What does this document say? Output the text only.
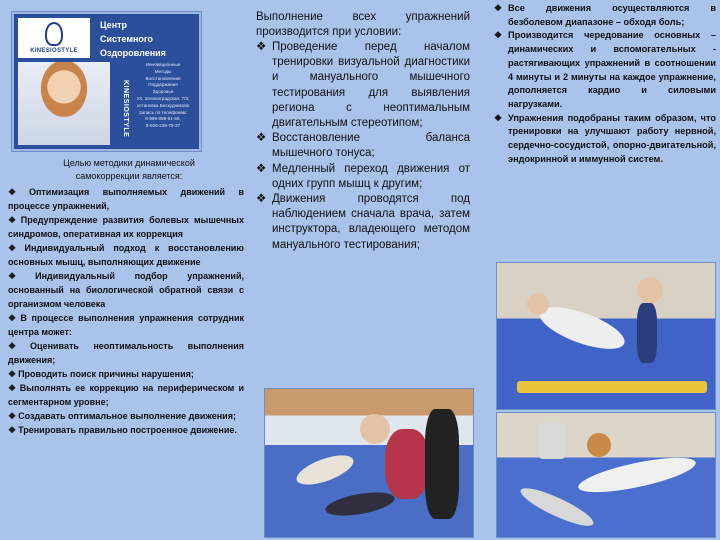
KINESIOSTYLE
Центр
Системного
Оздоровления
KINESIOSTYLE
Инновационные
Методы
Восстановления
Поддержания
Здоровья
Ул. Зеленоградская, 7/3,
остановка Бескудниково
Запись по телефонам:
8-999-888-91-55,
8-926-239-79-37
Целью методики динамической самокоррекции является:
❖ Оптимизация выполняемых движений в процессе упражнений,
❖ Предупреждение развития болевых мышечных синдромов, оперативная их коррекция
❖ Индивидуальный подход к восстановлению основных мышц, выполняющих движение
❖ Индивидуальный подбор упражнений, основанный на биологической обратной связи с организмом человека
❖ В процессе выполнения упражнения сотрудник центра может:
❖ Оценивать неоптимальность выполнения движения;
❖ Проводить поиск причины нарушения;
❖ Выполнять ее коррекцию на периферическом и сегментарном уровне;
❖ Создавать оптимальное выполнение движения;
❖ Тренировать правильно построенное движение.
Выполнение всех упражнений производится при условии:
❖ Проведение перед началом тренировки визуальной диагностики и мануального мышечного тестирования для выявления региона с неоптимальным двигательным стереотипом;
❖ Восстановление баланса мышечного тонуса;
❖ Медленный переход движения от одних групп мышц к другим;
❖ Движения проводятся под наблюдением сначала врача, затем инструктора, владеющего методом мануального тестирования;
❖ Все движения осуществляются в безболевом диапазоне – обходя боль;
❖ Производится чередование основных – динамических и вспомогательных - растягивающих упражнений в соотношении 4 минуты и 2 минуты на каждое упражнение, дополняется кардио и силовыми нагрузками.
❖ Упражнения подобраны таким образом, что тренировки на улучшают работу нервной, сердечно-сосудистой, опорно-двигательной, эндокринной и иммунной систем.
